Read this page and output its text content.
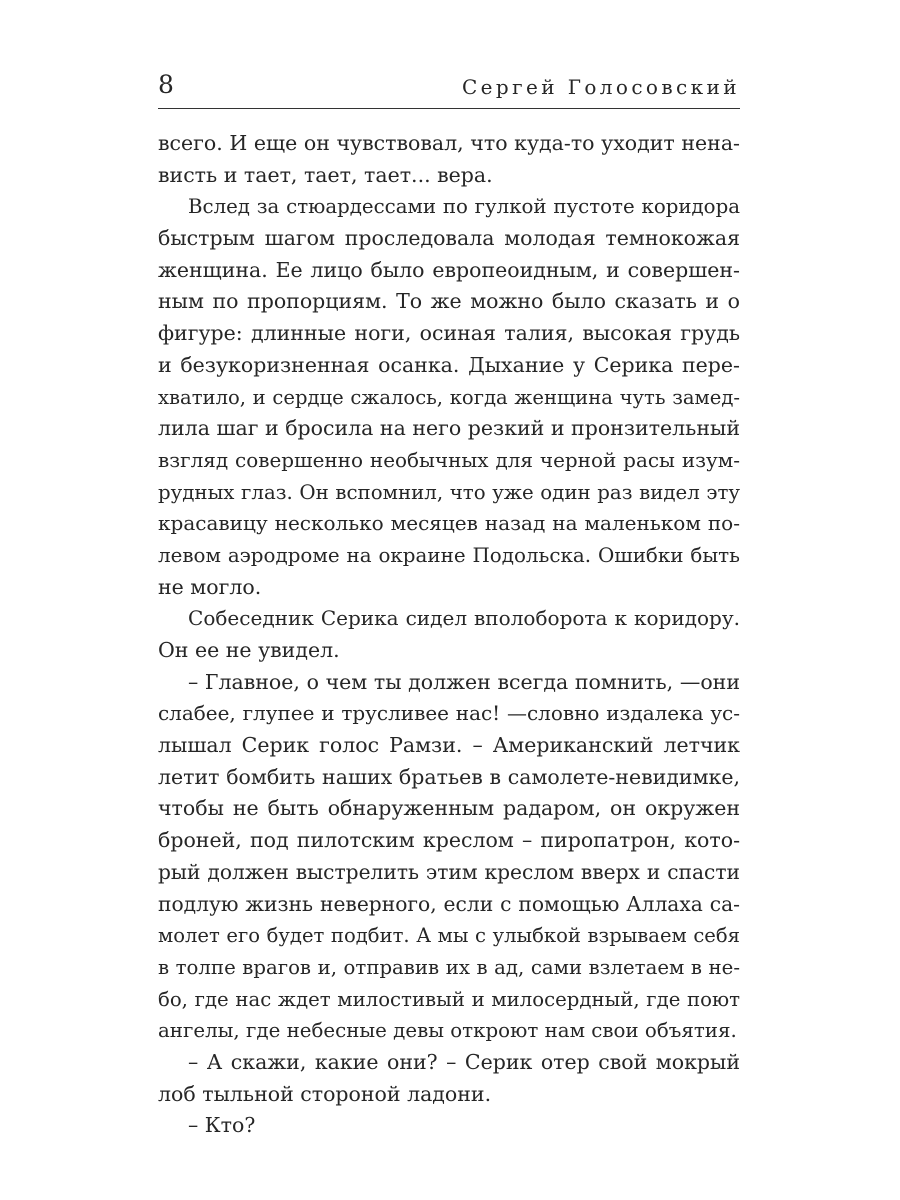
8	Сергей Голосовский

всего. И еще он чувствовал, что куда-то уходит нена-
висть и тает, тает, тает... вера.

Вслед за стюардессами по гулкой пустоте коридора
быстрым шагом проследовала молодая темнокожая
женщина. Ее лицо было европеоидным, и совершен-
ным по пропорциям. То же можно было сказать и о
фигуре: длинные ноги, осиная талия, высокая грудь
и безукоризненная осанка. Дыхание у Серика пере-
хватило, и сердце сжалось, когда женщина чуть замед-
лила шаг и бросила на него резкий и пронзительный
взгляд совершенно необычных для черной расы изум-
рудных глаз. Он вспомнил, что уже один раз видел эту
красавицу несколько месяцев назад на маленьком по-
левом аэродроме на окраине Подольска. Ошибки быть
не могло.

Собеседник Серика сидел вполоборота к коридору.
Он ее не увидел.

– Главное, о чем ты должен всегда помнить, —они
слабее, глупее и трусливее нас! —словно издалека ус-
лышал Серик голос Рамзи. – Американский летчик
летит бомбить наших братьев в самолете-невидимке,
чтобы не быть обнаруженным радаром, он окружен
броней, под пилотским креслом – пиропатрон, кото-
рый должен выстрелить этим креслом вверх и спасти
подлую жизнь неверного, если с помощью Аллаха са-
молет его будет подбит. А мы с улыбкой взрываем себя
в толпе врагов и, отправив их в ад, сами взлетаем в не-
бо, где нас ждет милостивый и милосердный, где поют
ангелы, где небесные девы откроют нам свои объятия.

– А скажи, какие они? – Серик отер свой мокрый
лоб тыльной стороной ладони.

– Кто?
